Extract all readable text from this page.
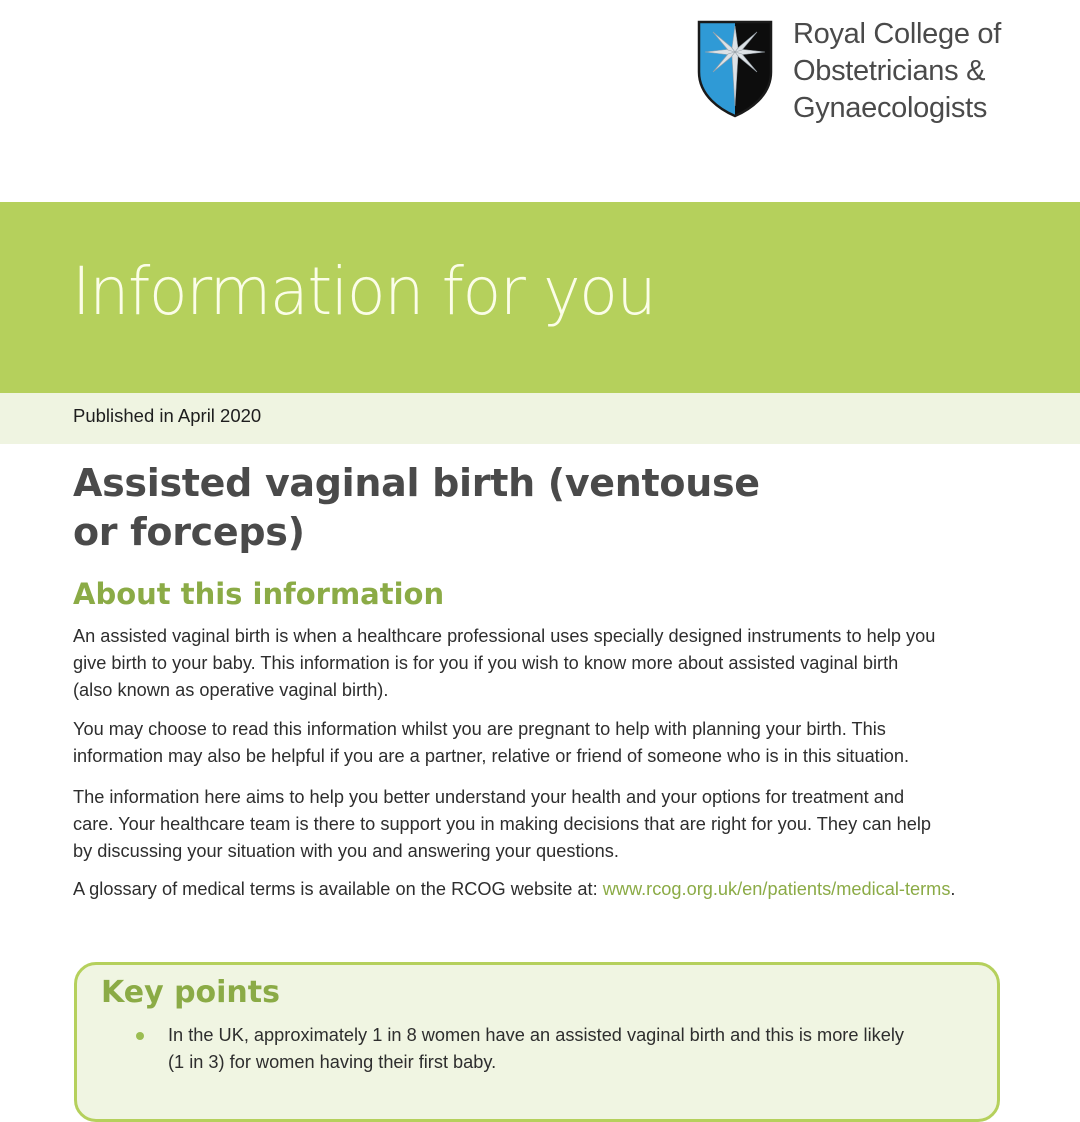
Royal College of
Obstetricians &
Gynaecologists
Information for you
Published in April 2020
Assisted vaginal birth (ventouse
or forceps)
About this information

An assisted vaginal birth is when a healthcare professional uses specially designed instruments to help you
give birth to your baby. This information is for you if you wish to know more about assisted vaginal birth
(also known as operative vaginal birth).

You may choose to read this information whilst you are pregnant to help with planning your birth. This
information may also be helpful if you are a partner, relative or friend of someone who is in this situation.

The information here aims to help you better understand your health and your options for treatment and
care. Your healthcare team is there to support you in making decisions that are right for you. They can help
by discussing your situation with you and answering your questions.

A glossary of medical terms is available on the RCOG website at: www.rcog.org.uk/en/patients/medical-terms.

Key points
In the UK, approximately 1 in 8 women have an assisted vaginal birth and this is more likely
(1 in 3) for women having their first baby.
